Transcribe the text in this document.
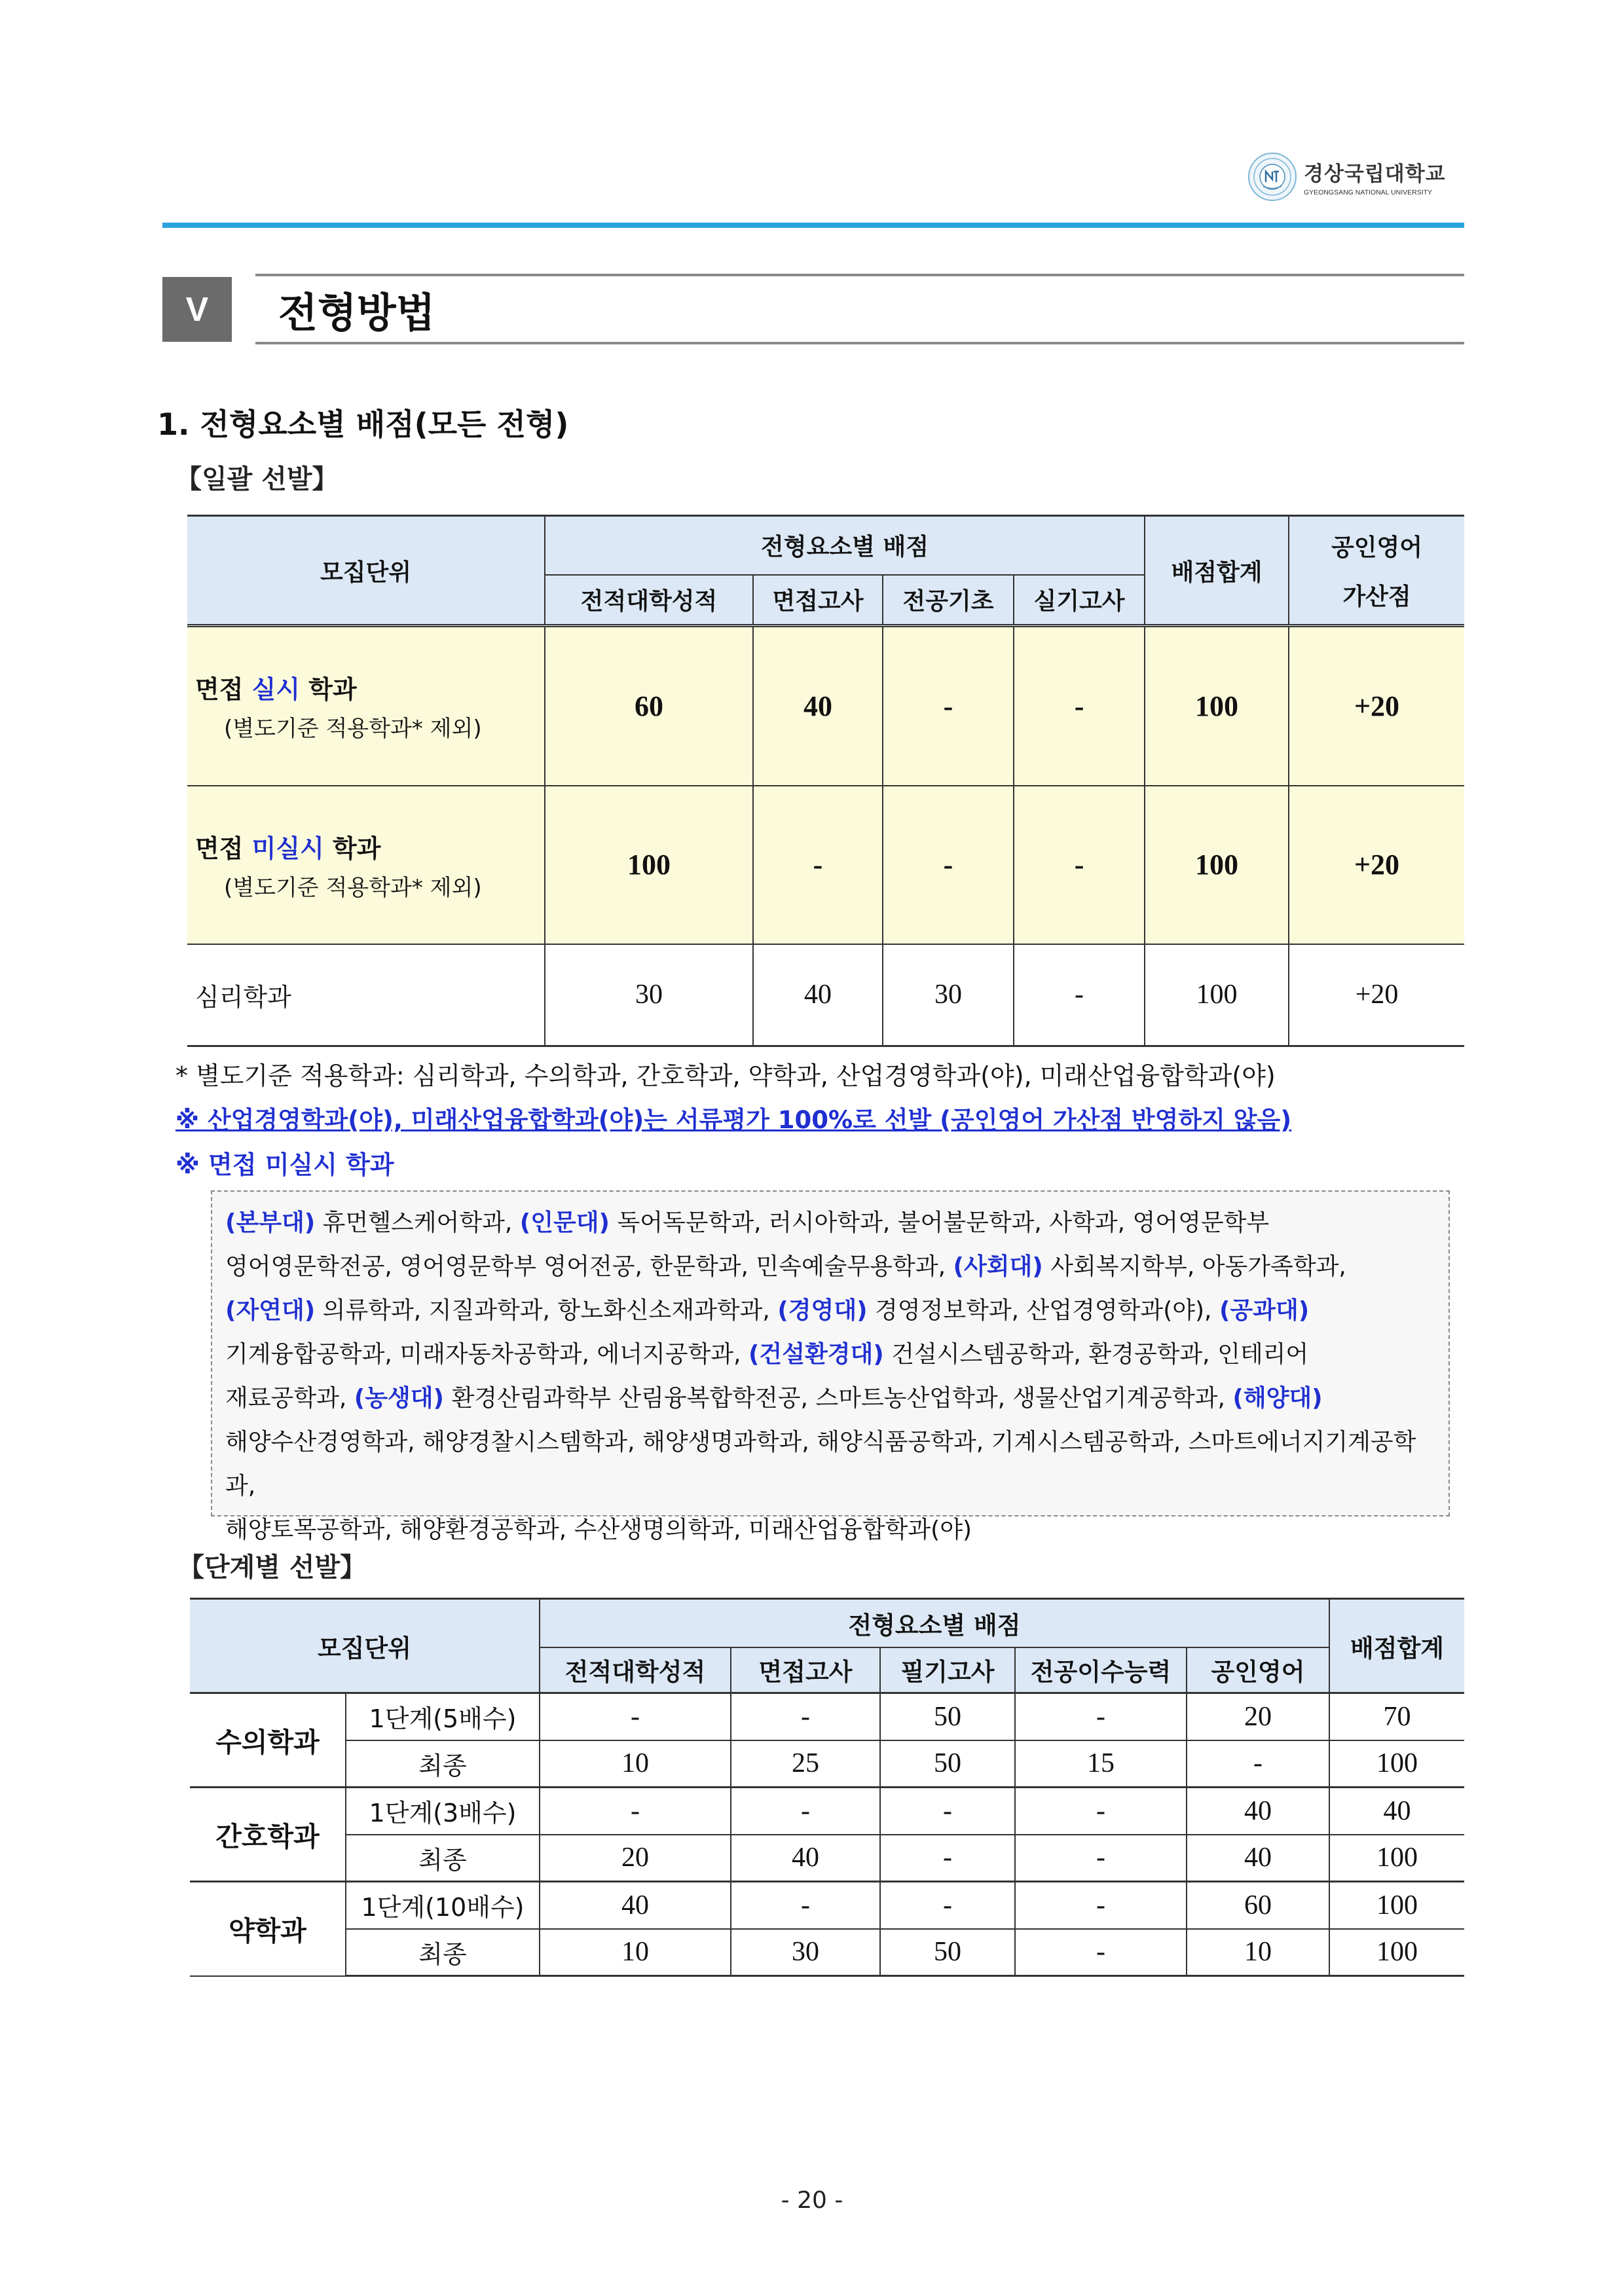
경상국립대학교
GYEONGSANG NATIONAL UNIVERSITY
V	전형방법
1. 전형요소별 배점(모든 전형)
【일괄 선발】
모집단위	전형요소별 배점				배점합계	공인영어
가산점

	전적대학성적	면접고사	전공기초	실기고사		

면접 실시 학과
(별도기준 적용학과* 제외)	60	40	-	-	100	+20

면접 미실시 학과
(별도기준 적용학과* 제외)	100	-	-	-	100	+20
심리학과	30	40	30	-	100	+20
* 별도기준 적용학과: 심리학과, 수의학과, 간호학과, 약학과, 산업경영학과(야), 미래산업융합학과(야)
※ 산업경영학과(야), 미래산업융합학과(야)는 서류평가 100%로 선발 (공인영어 가산점 반영하지 않음)
※ 면접 미실시 학과
(본부대) 휴먼헬스케어학과, (인문대) 독어독문학과, 러시아학과, 불어불문학과, 사학과, 영어영문학부
영어영문학전공, 영어영문학부 영어전공, 한문학과, 민속예술무용학과, (사회대) 사회복지학부, 아동가족학과,
(자연대) 의류학과, 지질과학과, 항노화신소재과학과, (경영대) 경영정보학과, 산업경영학과(야), (공과대)
기계융합공학과, 미래자동차공학과, 에너지공학과, (건설환경대) 건설시스템공학과, 환경공학과, 인테리어
재료공학과, (농생대) 환경산림과학부 산림융복합학전공, 스마트농산업학과, 생물산업기계공학과, (해양대)
해양수산경영학과, 해양경찰시스템학과, 해양생명과학과, 해양식품공학과, 기계시스템공학과, 스마트에너지기계공학과,
해양토목공학과, 해양환경공학과, 수산생명의학과, 미래산업융합학과(야)
【단계별 선발】
모집단위		전형요소별 배점					배점합계
		전적대학성적	면접고사	필기고사	전공이수능력	공인영어	
수의학과	1단계(5배수)	-	-	50	-	20	70
	최종	10	25	50	15	-	100
간호학과	1단계(3배수)	-	-	-	-	40	40
	최종	20	40	-	-	40	100
약학과	1단계(10배수)	40	-	-	-	60	100
	최종	10	30	50	-	10	100
- 20 -
